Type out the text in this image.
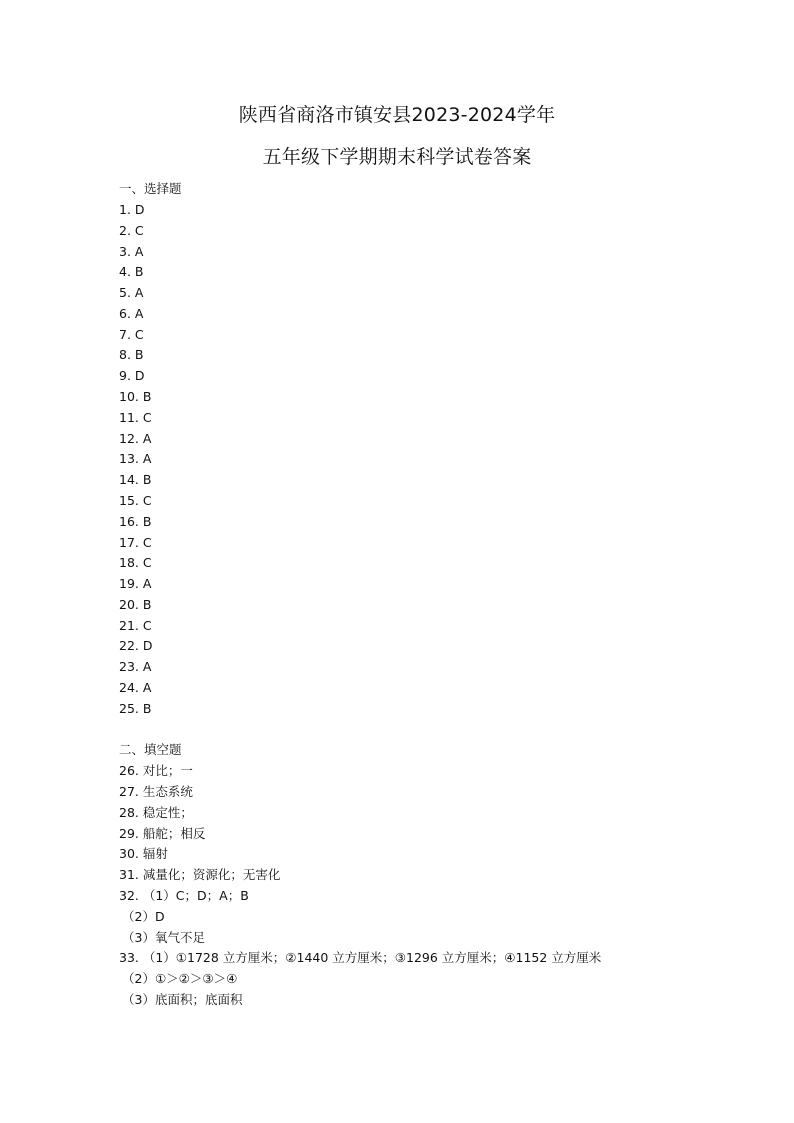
陕西省商洛市镇安县2023-2024学年
五年级下学期期末科学试卷答案
一、选择题
1. D
2. C
3. A
4. B
5. A
6. A
7. C
8. B
9. D
10. B
11. C
12. A
13. A
14. B
15. C
16. B
17. C
18. C
19. A
20. B
21. C
22. D
23. A
24. A
25. B
二、填空题
26. 对比；一
27. 生态系统
28. 稳定性；
29. 船舵；相反
30. 辐射
31. 减量化；资源化；无害化
32. （1）C；D；A；B
（2）D
（3）氧气不足
33. （1）①1728 立方厘米；②1440 立方厘米；③1296 立方厘米；④1152 立方厘米
（2）①＞②＞③＞④
（3）底面积；底面积
